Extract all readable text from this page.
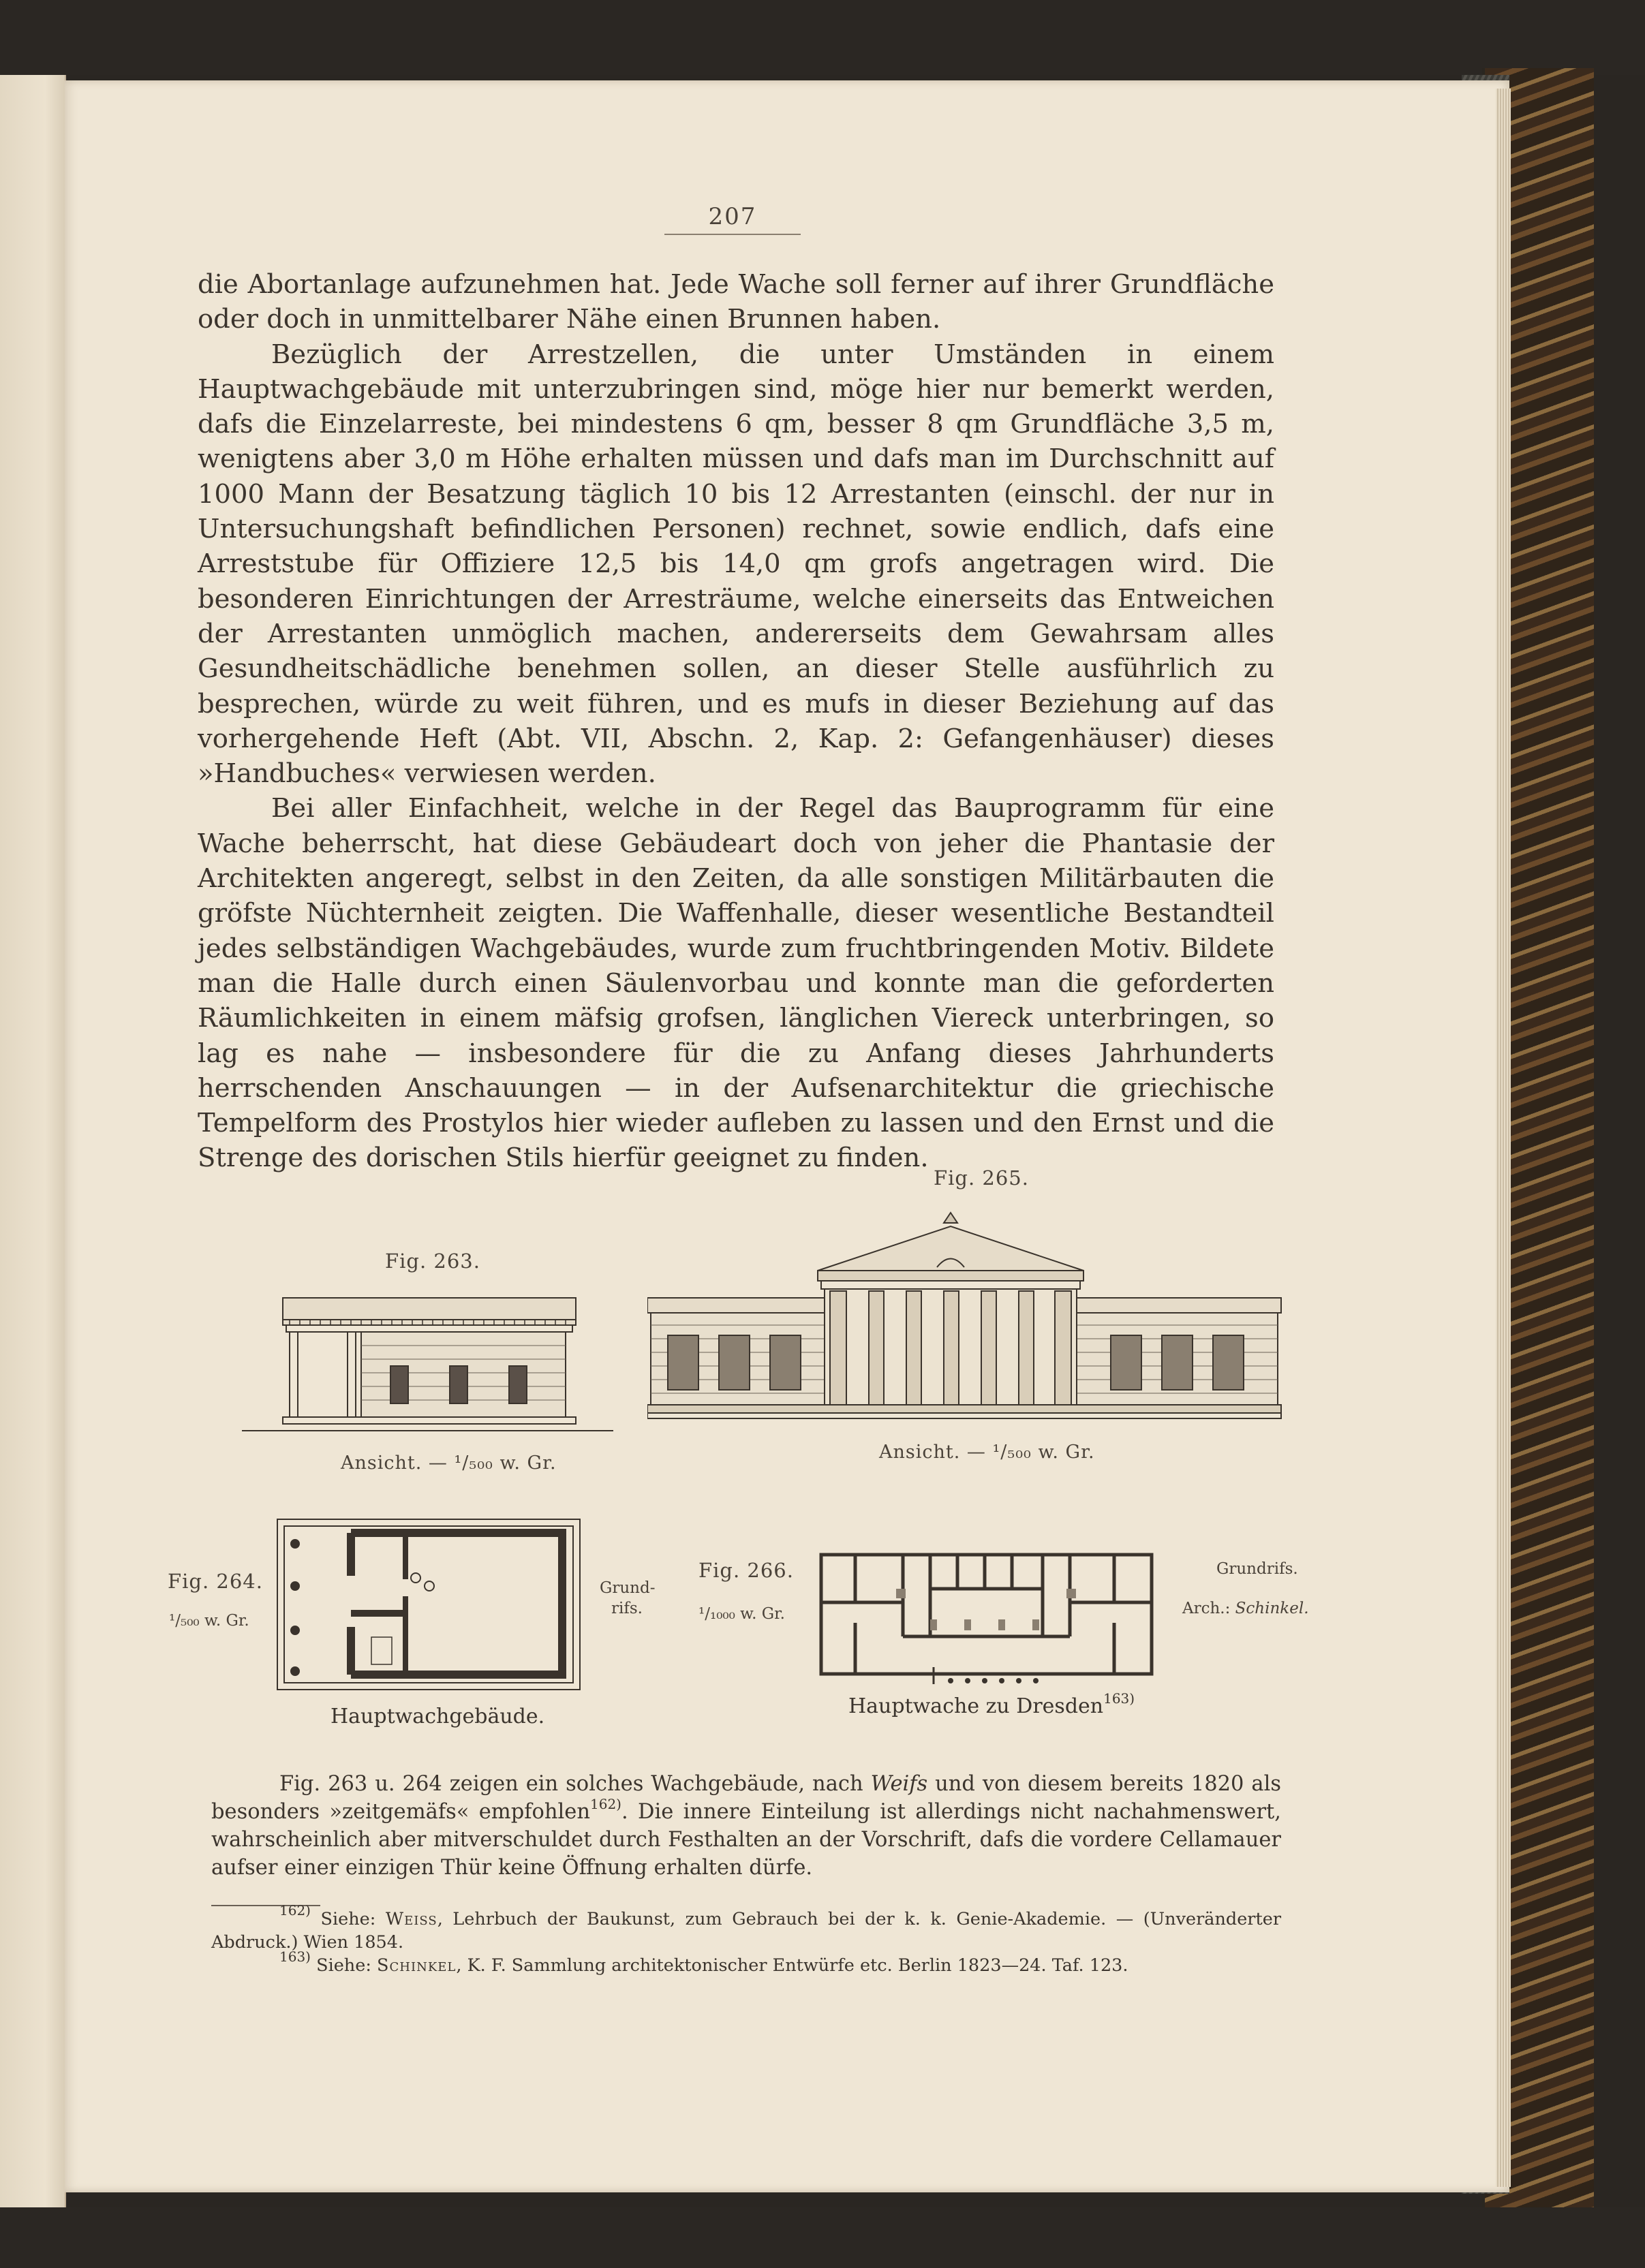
207

die Abortanlage aufzunehmen hat. Jede Wache soll ferner auf ihrer Grundfläche oder doch in unmittelbarer Nähe einen Brunnen haben.

Bezüglich der Arrestzellen, die unter Umständen in einem Hauptwachgebäude mit unterzubringen sind, möge hier nur bemerkt werden, dafs die Einzelarreste, bei mindestens 6 qm, besser 8 qm Grundfläche 3,5 m, wenigtens aber 3,0 m Höhe erhalten müssen und dafs man im Durchschnitt auf 1000 Mann der Besatzung täglich 10 bis 12 Arrestanten (einschl. der nur in Untersuchungshaft befindlichen Personen) rechnet, sowie endlich, dafs eine Arreststube für Offiziere 12,5 bis 14,0 qm grofs angetragen wird. Die besonderen Einrichtungen der Arresträume, welche einerseits das Entweichen der Arrestanten unmöglich machen, andererseits dem Gewahrsam alles Gesundheitschädliche benehmen sollen, an dieser Stelle ausführlich zu besprechen, würde zu weit führen, und es mufs in dieser Beziehung auf das vorhergehende Heft (Abt. VII, Abschn. 2, Kap. 2: Gefangenhäuser) dieses »Handbuches« verwiesen werden.

Bei aller Einfachheit, welche in der Regel das Bauprogramm für eine Wache beherrscht, hat diese Gebäudeart doch von jeher die Phantasie der Architekten angeregt, selbst in den Zeiten, da alle sonstigen Militärbauten die gröfste Nüchternheit zeigten. Die Waffenhalle, dieser wesentliche Bestandteil jedes selbständigen Wachgebäudes, wurde zum fruchtbringenden Motiv. Bildete man die Halle durch einen Säulenvorbau und konnte man die geforderten Räumlichkeiten in einem mäfsig grofsen, länglichen Viereck unterbringen, so lag es nahe — insbesondere für die zu Anfang dieses Jahrhunderts herrschenden Anschauungen — in der Aufsenarchitektur die griechische Tempelform des Prostylos hier wieder aufleben zu lassen und den Ernst und die Strenge des dorischen Stils hierfür geeignet zu finden.

Fig. 265.
Fig. 263.
Ansicht. — ¹/₅₀₀ w. Gr.
Ansicht. — ¹/₅₀₀ w. Gr.
Fig. 264.
¹/₅₀₀ w. Gr.
Grund-
rifs.
Hauptwachgebäude.
Fig. 266.
¹/₁₀₀₀ w. Gr.
Grundrifs.
Arch.: Schinkel.
Hauptwache zu Dresden$^{163)}$

Fig. 263 u. 264 zeigen ein solches Wachgebäude, nach Weifs und von diesem bereits 1820 als besonders »zeitgemäfs« empfohlen$^{162)}$. Die innere Einteilung ist allerdings nicht nachahmenswert, wahrscheinlich aber mitverschuldet durch Festhalten an der Vorschrift, dafs die vordere Cellamauer aufser einer einzigen Thür keine Öffnung erhalten dürfe.

$^{162)}$ Siehe: Weiss, Lehrbuch der Baukunst, zum Gebrauch bei der k. k. Genie-Akademie. — (Unveränderter Abdruck.) Wien 1854.

$^{163)}$ Siehe: Schinkel, K. F. Sammlung architektonischer Entwürfe etc. Berlin 1823—24. Taf. 123.
